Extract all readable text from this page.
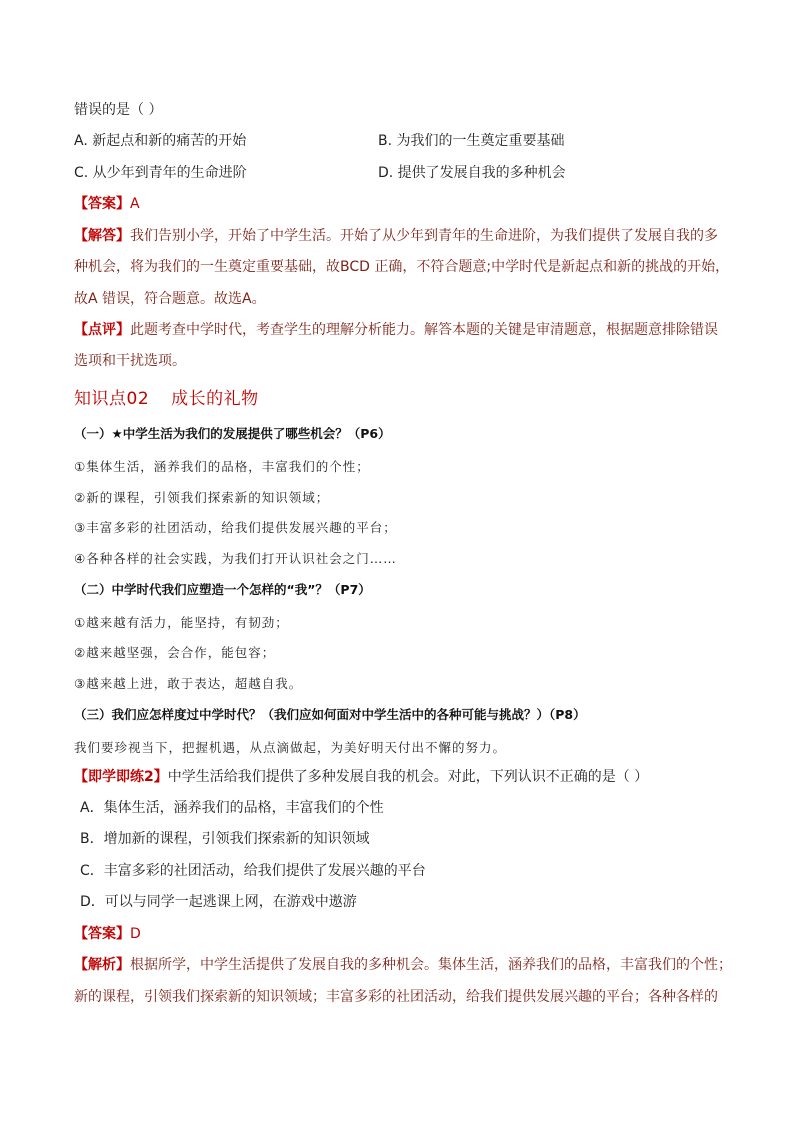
错误的是（ ）
A. 新起点和新的痛苦的开始	B. 为我们的一生奠定重要基础
C. 从少年到青年的生命进阶	D. 提供了发展自我的多种机会
【答案】A
【解答】我们告别小学，开始了中学生活。开始了从少年到青年的生命进阶，为我们提供了发展自我的多
种机会，将为我们的一生奠定重要基础，故BCD 正确，不符合题意;中学时代是新起点和新的挑战的开始，
故A 错误，符合题意。故选A。
【点评】此题考查中学时代，考查学生的理解分析能力。解答本题的关键是审清题意，根据题意排除错误
选项和干扰选项。
知识点02 成长的礼物
（一）★中学生活为我们的发展提供了哪些机会？（P6）
①集体生活，涵养我们的品格，丰富我们的个性；
②新的课程，引领我们探索新的知识领域；
③丰富多彩的社团活动，给我们提供发展兴趣的平台；
④各种各样的社会实践，为我们打开认识社会之门……
（二）中学时代我们应塑造一个怎样的“我”？（P7）
①越来越有活力，能坚持，有韧劲；
②越来越坚强，会合作，能包容；
③越来越上进，敢于表达，超越自我。
（三）我们应怎样度过中学时代？（我们应如何面对中学生活中的各种可能与挑战？）（P8）
我们要珍视当下，把握机遇，从点滴做起，为美好明天付出不懈的努力。
【即学即练2】中学生活给我们提供了多种发展自我的机会。对此，下列认识不正确的是（ ）
A．集体生活，涵养我们的品格，丰富我们的个性
B．增加新的课程，引领我们探索新的知识领域
C．丰富多彩的社团活动，给我们提供了发展兴趣的平台
D．可以与同学一起逃课上网，在游戏中遨游
【答案】D
【解析】根据所学，中学生活提供了发展自我的多种机会。集体生活，涵养我们的品格，丰富我们的个性；
新的课程，引领我们探索新的知识领域；丰富多彩的社团活动，给我们提供发展兴趣的平台；各种各样的
